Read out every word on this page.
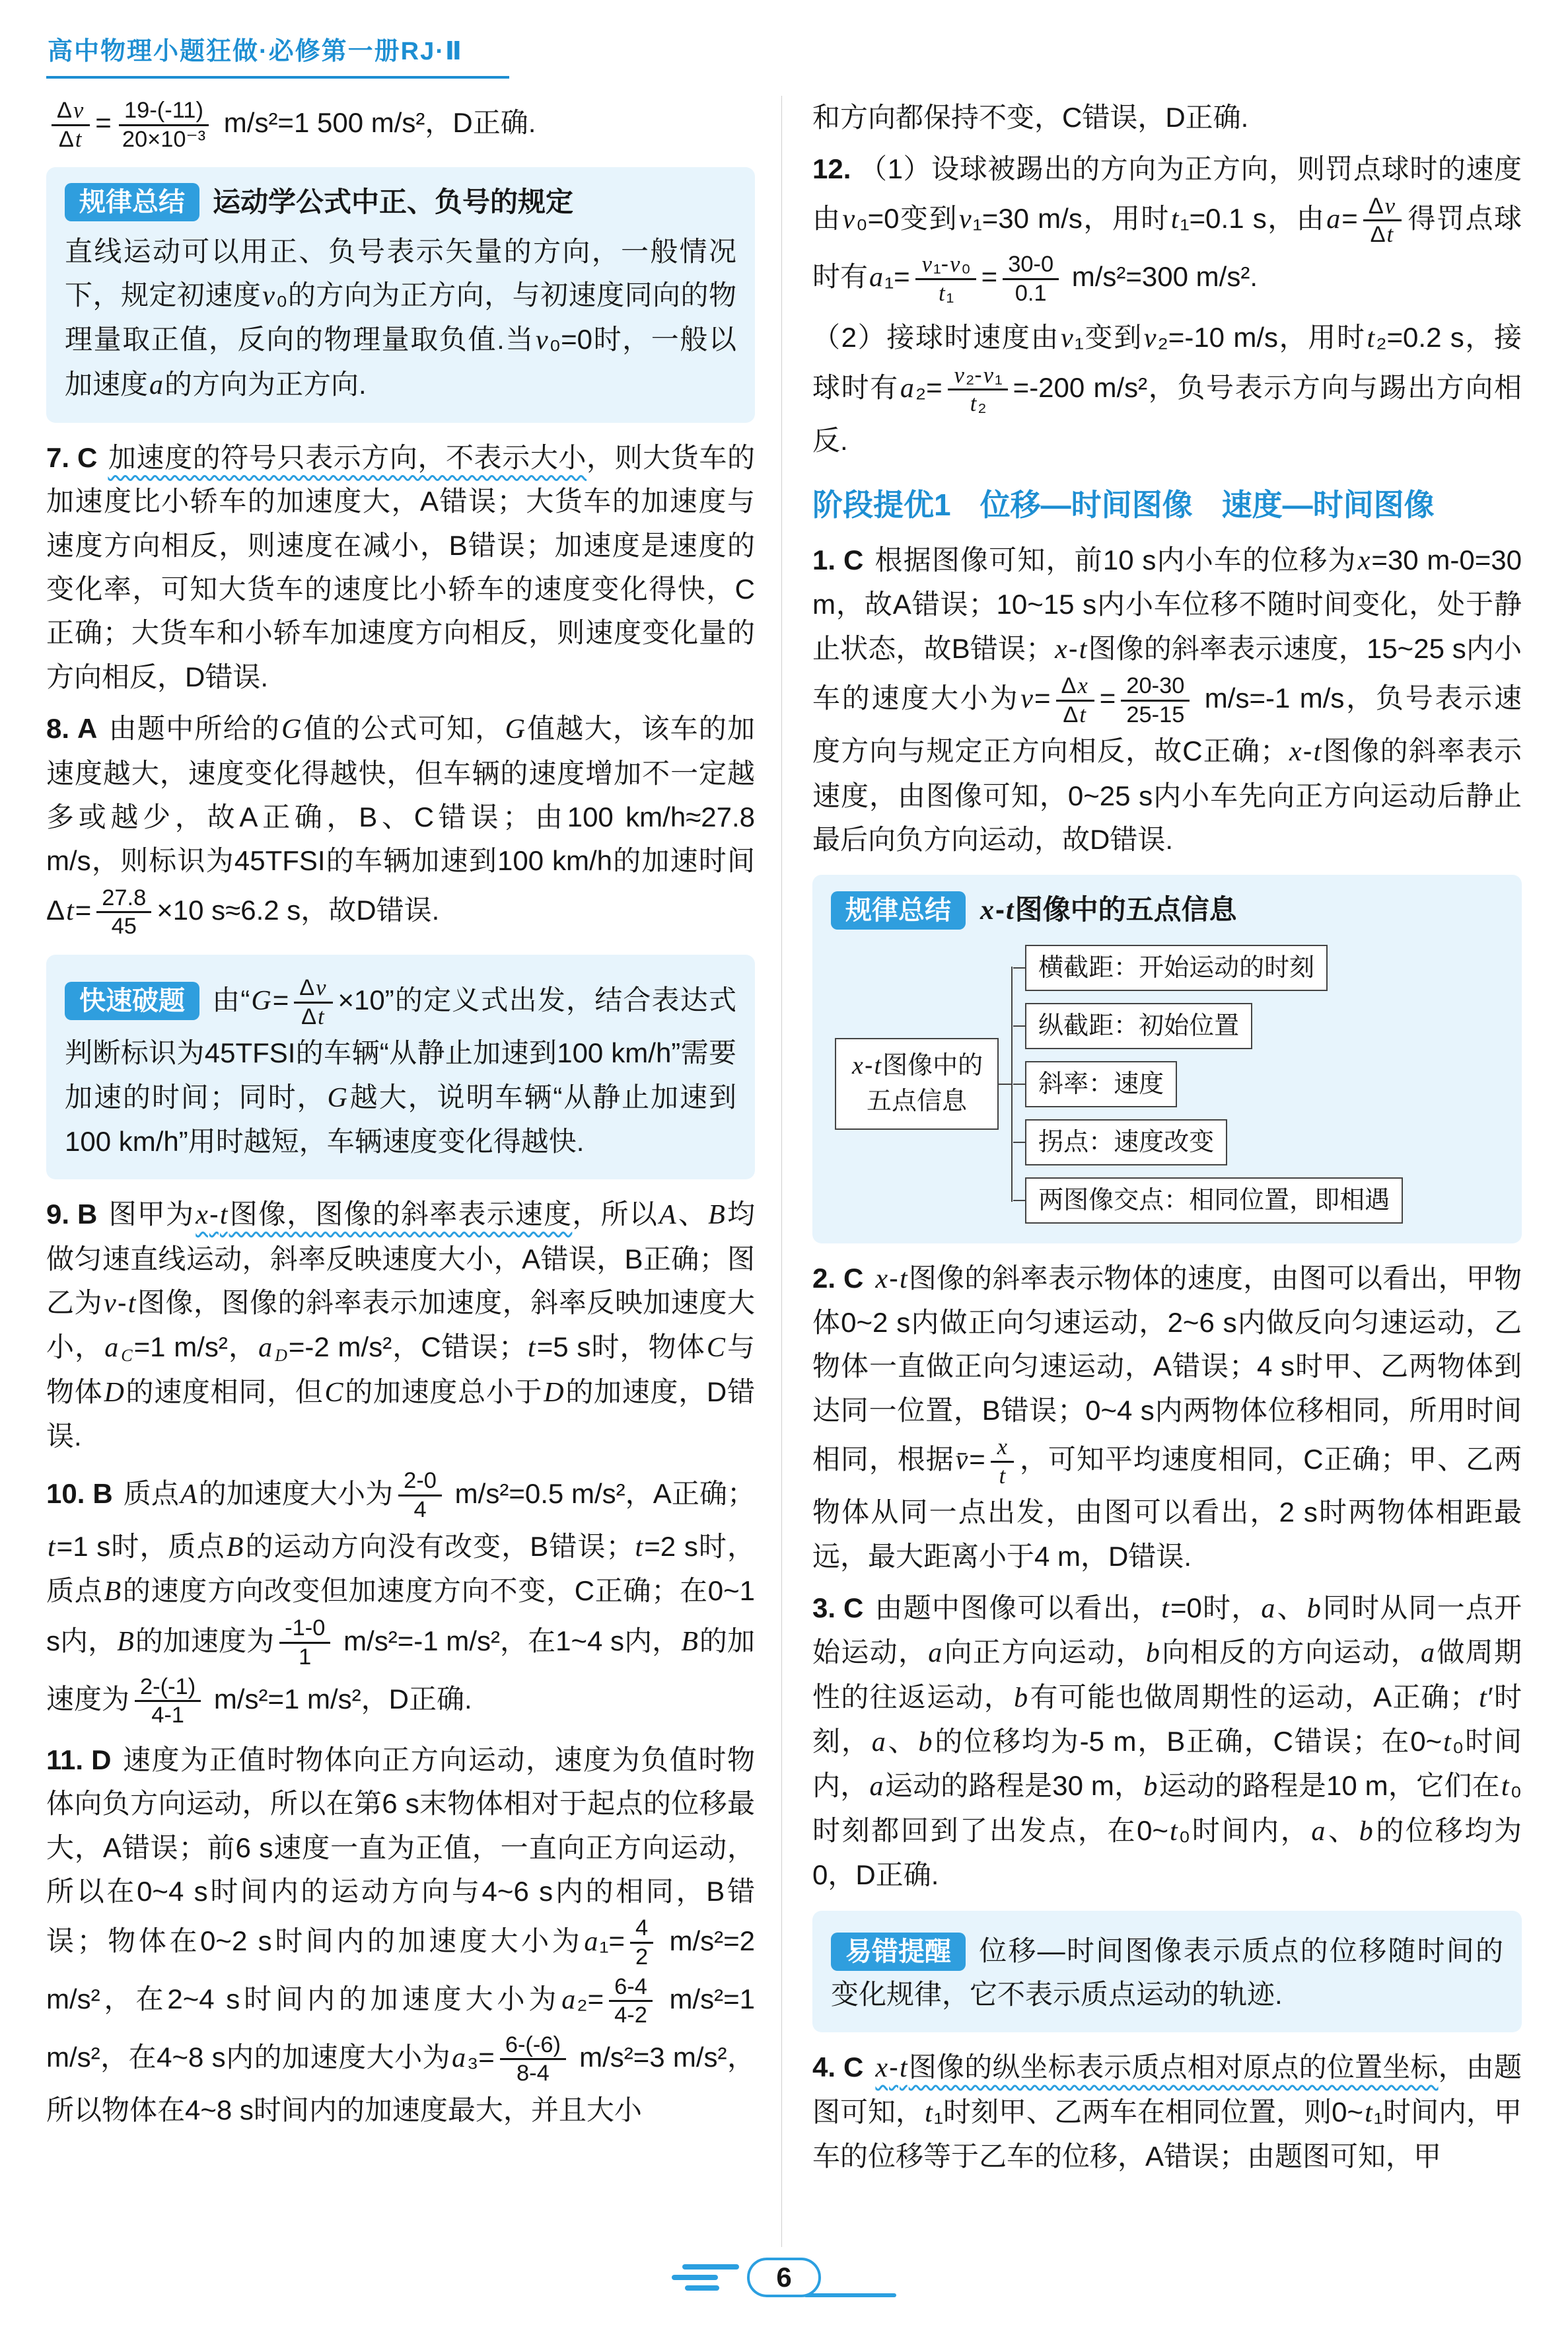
高中物理小题狂做·必修第一册RJ·Ⅱ

$\frac{\Delta v}{\Delta t} = \frac{19-(-11)}{\text{20×10⁻³}} m/s^2=1$ 500 m/s²，D正确.

规律总结	运动学公式中正、负号的规定

直线运动可以用正、负号表示矢量的方向，一般情况下，规定初速度v₀的方向为正方向，与初速度同向的物理量取正值，反向的物理量取负值.当v₀=0时，一般以加速度a的方向为正方向.

7. C 加速度的符号只表示方向，不表示大小，则大货车的加速度比小轿车的加速度大，A错误；大货车的加速度与速度方向相反，则速度在减小，B错误；加速度是速度的变化率，可知大货车的速度比小轿车的速度变化得快，C正确；大货车和小轿车加速度方向相反，则速度变化量的方向相反，D错误.

8. A 由题中所给的G值的公式可知，G值越大，该车的加速度越大，速度变化得越快，但车辆的速度增加不一定越多或越少，故A正确，B、C错误；由100 km/h≈27.8 m/s，则标识为45TFSI的车辆加速到100 km/h的加速时间$\Delta t= \frac{27.8}{45} \times 10$ s≈6.2 s，故D错误.

快速破题 由“$G= \frac{\Delta v}{\Delta t} \times 10$”的定义式出发，结合表达式判断标识为45TFSI的车辆“从静止加速到100 km/h”需要加速的时间；同时，G越大，说明车辆“从静止加速到100 km/h”用时越短，车辆速度变化得越快.

9. B 图甲为x-t图像，图像的斜率表示速度，所以A、B均做匀速直线运动，斜率反映速度大小，A错误，B正确；图乙为v-t图像，图像的斜率表示加速度，斜率反映加速度大小，a $_C$=1 m/s²，a $_D$=-2 m/s²，C错误；t=5 s时，物体C与物体D的速度相同，但C的加速度总小于D的加速度，D错误.

10. B 质点A的加速度大小为 $\frac{2-0}{4} m/s^2=0.5$ m/s²，A正确；t=1 s时，质点B的运动方向没有改变，B错误；t=2 s时，质点B的速度方向改变但加速度方向不变，C正确；在0~1 s内，B的加速度为 $\frac{-1-0}{1} m/s^2=-1$ m/s²，在1~4 s内，B的加速度为 $\frac{2-(-1)}{4-1} m/s^2=1$ m/s²，D正确.

11. D 速度为正值时物体向正方向运动，速度为负值时物体向负方向运动，所以在第6 s末物体相对于起点的位移最大，A错误；前6 s速度一直为正值，一直向正方向运动，所以在0~4 s时间内的运动方向与4~6 s内的相同，B错误；物体在0~2 s时间内的加速度大小为$a_1= \frac{4}{2} m/s^2=2$ m/s²，在2~4 s时间内的加速度大小为$a_2= \frac{6-4}{4-2} m/s^2=1$ m/s²，在4~8 s内的加速度大小为$a_3= \frac{6-(-6)}{8-4} m/s^2=3$ m/s²，所以物体在4~8 s时间内的加速度最大，并且大小

和方向都保持不变，C错误，D正确.

12. （1）设球被踢出的方向为正方向，则罚点球时的速度由v₀=0变到v₁=30 m/s，用时t₁=0.1 s，由$a= \frac{\Delta v}{\Delta t}$ 得罚点球时有$a_1= \frac{\text{v₁-v₀}}{\text{t₁}} = \frac{30-0}{0.1} m/s^2=300$ m/s².

（2）接球时速度由v₁变到v₂=-10 m/s，用时t₂=0.2 s，接球时有$a_2= \frac{\text{v₂-v₁}}{\text{t₂}} =-200$ m/s²，负号表示方向与踢出方向相反.

阶段提优1 位移—时间图像 速度—时间图像

1. C 根据图像可知，前10 s内小车的位移为x=30 m-0=30 m，故A错误；10~15 s内小车位移不随时间变化，处于静止状态，故B错误；x-t图像的斜率表示速度，15~25 s内小车的速度大小为$v= \frac{\Delta x}{\Delta t} = \frac{20-30}{25-15} m/s=-1$ m/s，负号表示速度方向与规定正方向相反，故C正确；x-t图像的斜率表示速度，由图像可知，0~25 s内小车先向正方向运动后静止最后向负方向运动，故D错误.

规律总结	x-t图像中的五点信息
x-t图像中的
五点信息
横截距：开始运动的时刻
纵截距：初始位置
斜率：速度
拐点：速度改变
两图像交点：相同位置，即相遇

2. C x-t图像的斜率表示物体的速度，由图可以看出，甲物体0~2 s内做正向匀速运动，2~6 s内做反向匀速运动，乙物体一直做正向匀速运动，A错误；4 s时甲、乙两物体到达同一位置，B错误；0~4 s内两物体位移相同，所用时间相同，根据v̄= $\frac{x}{t}$ ，可知平均速度相同，C正确；甲、乙两物体从同一点出发，由图可以看出，2 s时两物体相距最远，最大距离小于4 m，D错误.

3. C 由题中图像可以看出，t=0时，a、b同时从同一点开始运动，a向正方向运动，b向相反的方向运动，a做周期性的往返运动，b有可能也做周期性的运动，A正确；t′时刻，a、b的位移均为-5 m，B正确，C错误；在0~t₀时间内，a运动的路程是30 m，b运动的路程是10 m，它们在t₀时刻都回到了出发点，在0~t₀时间内，a、b的位移均为0，D正确.

易错提醒 位移—时间图像表示质点的位移随时间的变化规律，它不表示质点运动的轨迹.

4. C x-t图像的纵坐标表示质点相对原点的位置坐标，由题图可知，t₁时刻甲、乙两车在相同位置，则0~t₁时间内，甲车的位移等于乙车的位移，A错误；由题图可知，甲

6
